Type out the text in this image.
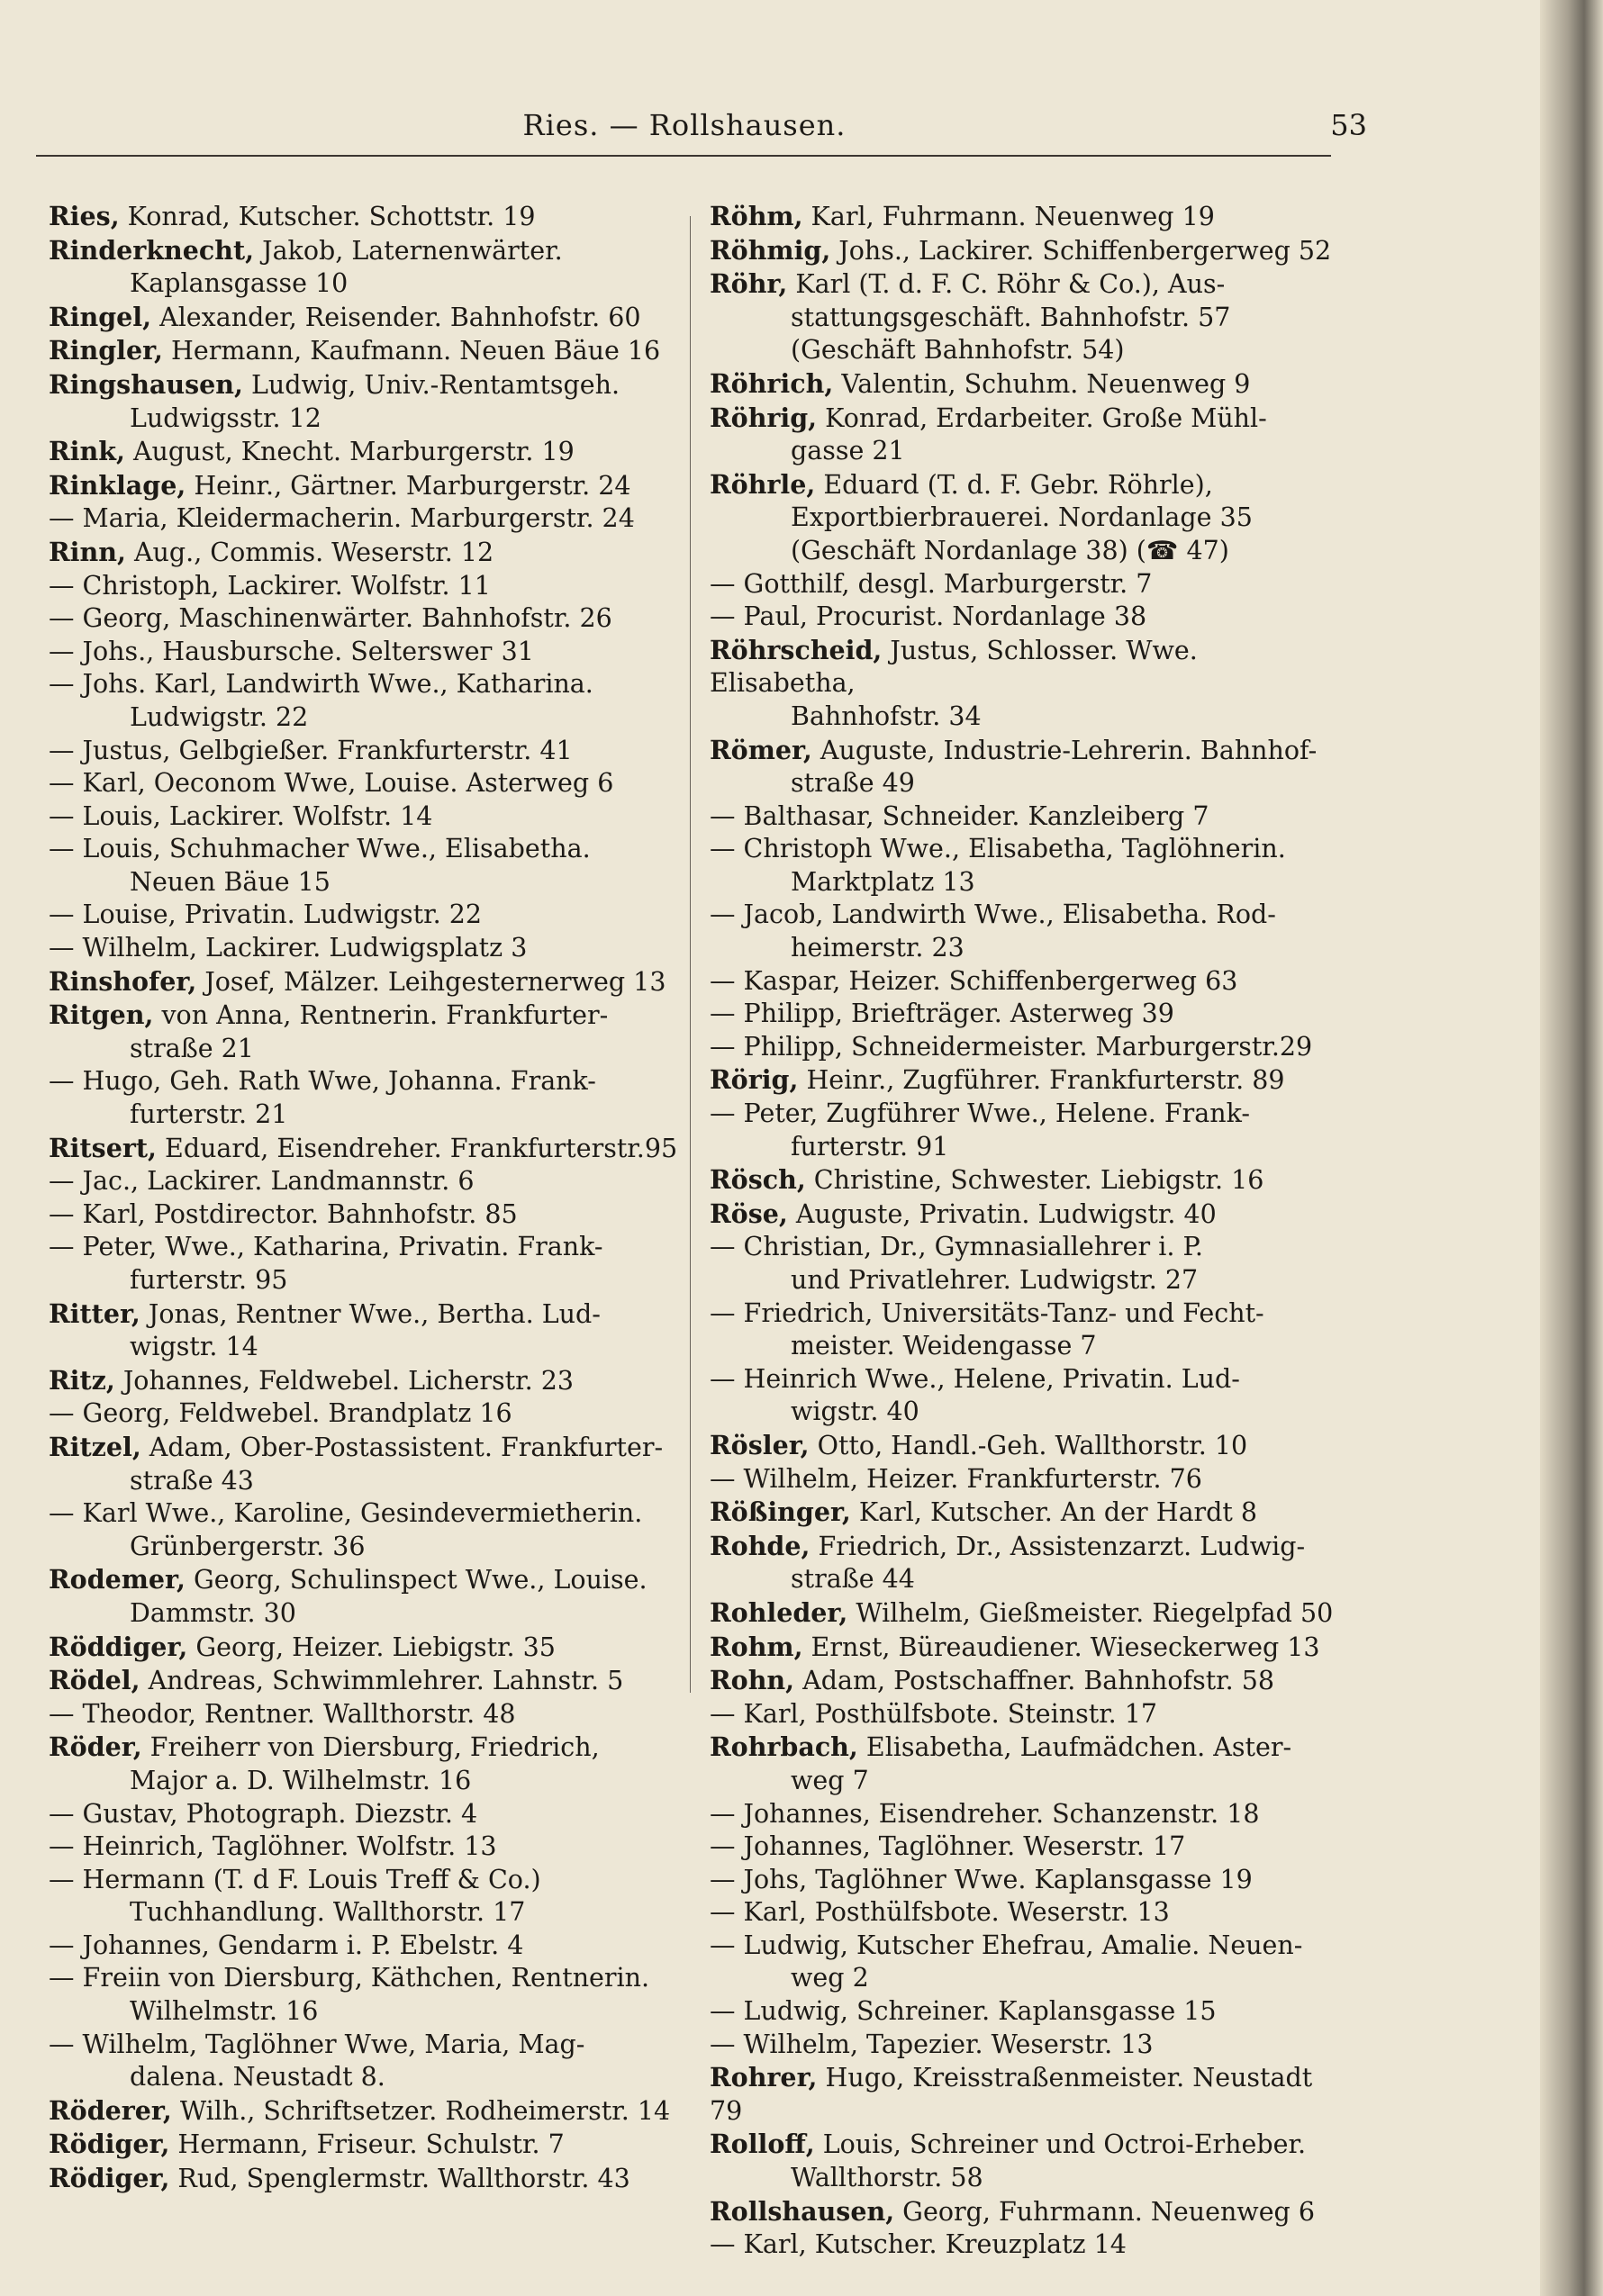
Ries. — Rollshausen.	53

Ries, Konrad, Kutscher. Schottstr. 19

Rinderknecht, Jakob, Laternenwärter.
Kaplansgasse 10

Ringel, Alexander, Reisender. Bahnhofstr. 60

Ringler, Hermann, Kaufmann. Neuen Bäue 16

Ringshausen, Ludwig, Univ.-Rentamtsgeh.
Ludwigsstr. 12

Rink, August, Knecht. Marburgerstr. 19

Rinklage, Heinr., Gärtner. Marburgerstr. 24

— Maria, Kleidermacherin. Marburgerstr. 24

Rinn, Aug., Commis. Weserstr. 12

— Christoph, Lackirer. Wolfstr. 11

— Georg, Maschinenwärter. Bahnhofstr. 26

— Johs., Hausbursche. Selterswег 31

— Johs. Karl, Landwirth Wwe., Katharina.
Ludwigstr. 22

— Justus, Gelbgießer. Frankfurterstr. 41

— Karl, Oeconom Wwe, Louise. Asterweg 6

— Louis, Lackirer. Wolfstr. 14

— Louis, Schuhmacher Wwe., Elisabetha.
Neuen Bäue 15

— Louise, Privatin. Ludwigstr. 22

— Wilhelm, Lackirer. Ludwigsplatz 3

Rinshofer, Josef, Mälzer. Leihgesternerweg 13

Ritgen, von Anna, Rentnerin. Frankfurter-
straße 21

— Hugo, Geh. Rath Wwe, Johanna. Frank-
furterstr. 21

Ritsert, Eduard, Eisendreher. Frankfurterstr.95

— Jac., Lackirer. Landmannstr. 6

— Karl, Postdirector. Bahnhofstr. 85

— Peter, Wwe., Katharina, Privatin. Frank-
furterstr. 95

Ritter, Jonas, Rentner Wwe., Bertha. Lud-
wigstr. 14

Ritz, Johannes, Feldwebel. Licherstr. 23

— Georg, Feldwebel. Brandplatz 16

Ritzel, Adam, Ober-Postassistent. Frankfurter-
straße 43

— Karl Wwe., Karoline, Gesindevermietherin.
Grünbergerstr. 36

Rodemer, Georg, Schulinspect Wwe., Louise.
Dammstr. 30

Röddiger, Georg, Heizer. Liebigstr. 35

Rödel, Andreas, Schwimmlehrer. Lahnstr. 5

— Theodor, Rentner. Wallthorstr. 48

Röder, Freiherr von Diersburg, Friedrich,
Major a. D. Wilhelmstr. 16

— Gustav, Photograph. Diezstr. 4

— Heinrich, Taglöhner. Wolfstr. 13

— Hermann (T. d F. Louis Treff & Co.)
Tuchhandlung. Wallthorstr. 17

— Johannes, Gendarm i. P. Ebelstr. 4

— Freiin von Diersburg, Käthchen, Rentnerin.
Wilhelmstr. 16

— Wilhelm, Taglöhner Wwe, Maria, Mag-
dalena. Neustadt 8.

Röderer, Wilh., Schriftsetzer. Rodheimerstr. 14

Rödiger, Hermann, Friseur. Schulstr. 7

Rödiger, Rud, Spenglermstr. Wallthorstr. 43

Röhm, Karl, Fuhrmann. Neuenweg 19

Röhmig, Johs., Lackirer. Schiffenbergerweg 52

Röhr, Karl (T. d. F. C. Röhr & Co.), Aus-
stattungsgeschäft. Bahnhofstr. 57
(Geschäft Bahnhofstr. 54)

Röhrich, Valentin, Schuhm. Neuenweg 9

Röhrig, Konrad, Erdarbeiter. Große Mühl-
gasse 21

Röhrle, Eduard (T. d. F. Gebr. Röhrle),
Exportbierbrauerei. Nordanlage 35
(Geschäft Nordanlage 38) (☎ 47)

— Gotthilf, desgl. Marburgerstr. 7

— Paul, Procurist. Nordanlage 38

Röhrscheid, Justus, Schlosser. Wwe. Elisabetha,
Bahnhofstr. 34

Römer, Auguste, Industrie-Lehrerin. Bahnhof-
straße 49

— Balthasar, Schneider. Kanzleiberg 7

— Christoph Wwe., Elisabetha, Taglöhnerin.
Marktplatz 13

— Jacob, Landwirth Wwe., Elisabetha. Rod-
heimerstr. 23

— Kaspar, Heizer. Schiffenbergerweg 63

— Philipp, Briefträger. Asterweg 39

— Philipp, Schneidermeister. Marburgerstr.29

Rörig, Heinr., Zugführer. Frankfurterstr. 89

— Peter, Zugführer Wwe., Helene. Frank-
furterstr. 91

Rösch, Christine, Schwester. Liebigstr. 16

Röse, Auguste, Privatin. Ludwigstr. 40

— Christian, Dr., Gymnasiallehrer i. P.
und Privatlehrer. Ludwigstr. 27

— Friedrich, Universitäts-Tanz- und Fecht-
meister. Weidengasse 7

— Heinrich Wwe., Helene, Privatin. Lud-
wigstr. 40

Rösler, Otto, Handl.-Geh. Wallthorstr. 10

— Wilhelm, Heizer. Frankfurterstr. 76

Rößinger, Karl, Kutscher. An der Hardt 8

Rohde, Friedrich, Dr., Assistenzarzt. Ludwig-
straße 44

Rohleder, Wilhelm, Gießmeister. Riegelpfad 50

Rohm, Ernst, Büreaudiener. Wieseckerweg 13

Rohn, Adam, Postschaffner. Bahnhofstr. 58

— Karl, Posthülfsbote. Steinstr. 17

Rohrbach, Elisabetha, Laufmädchen. Aster-
weg 7

— Johannes, Eisendreher. Schanzenstr. 18

— Johannes, Taglöhner. Weserstr. 17

— Johs, Taglöhner Wwe. Kaplansgasse 19

— Karl, Posthülfsbote. Weserstr. 13

— Ludwig, Kutscher Ehefrau, Amalie. Neuen-
weg 2

— Ludwig, Schreiner. Kaplansgasse 15

— Wilhelm, Tapezier. Weserstr. 13

Rohrer, Hugo, Kreisstraßenmeister. Neustadt 79

Rolloff, Louis, Schreiner und Octroi-Erheber.
Wallthorstr. 58

Rollshausen, Georg, Fuhrmann. Neuenweg 6

— Karl, Kutscher. Kreuzplatz 14
